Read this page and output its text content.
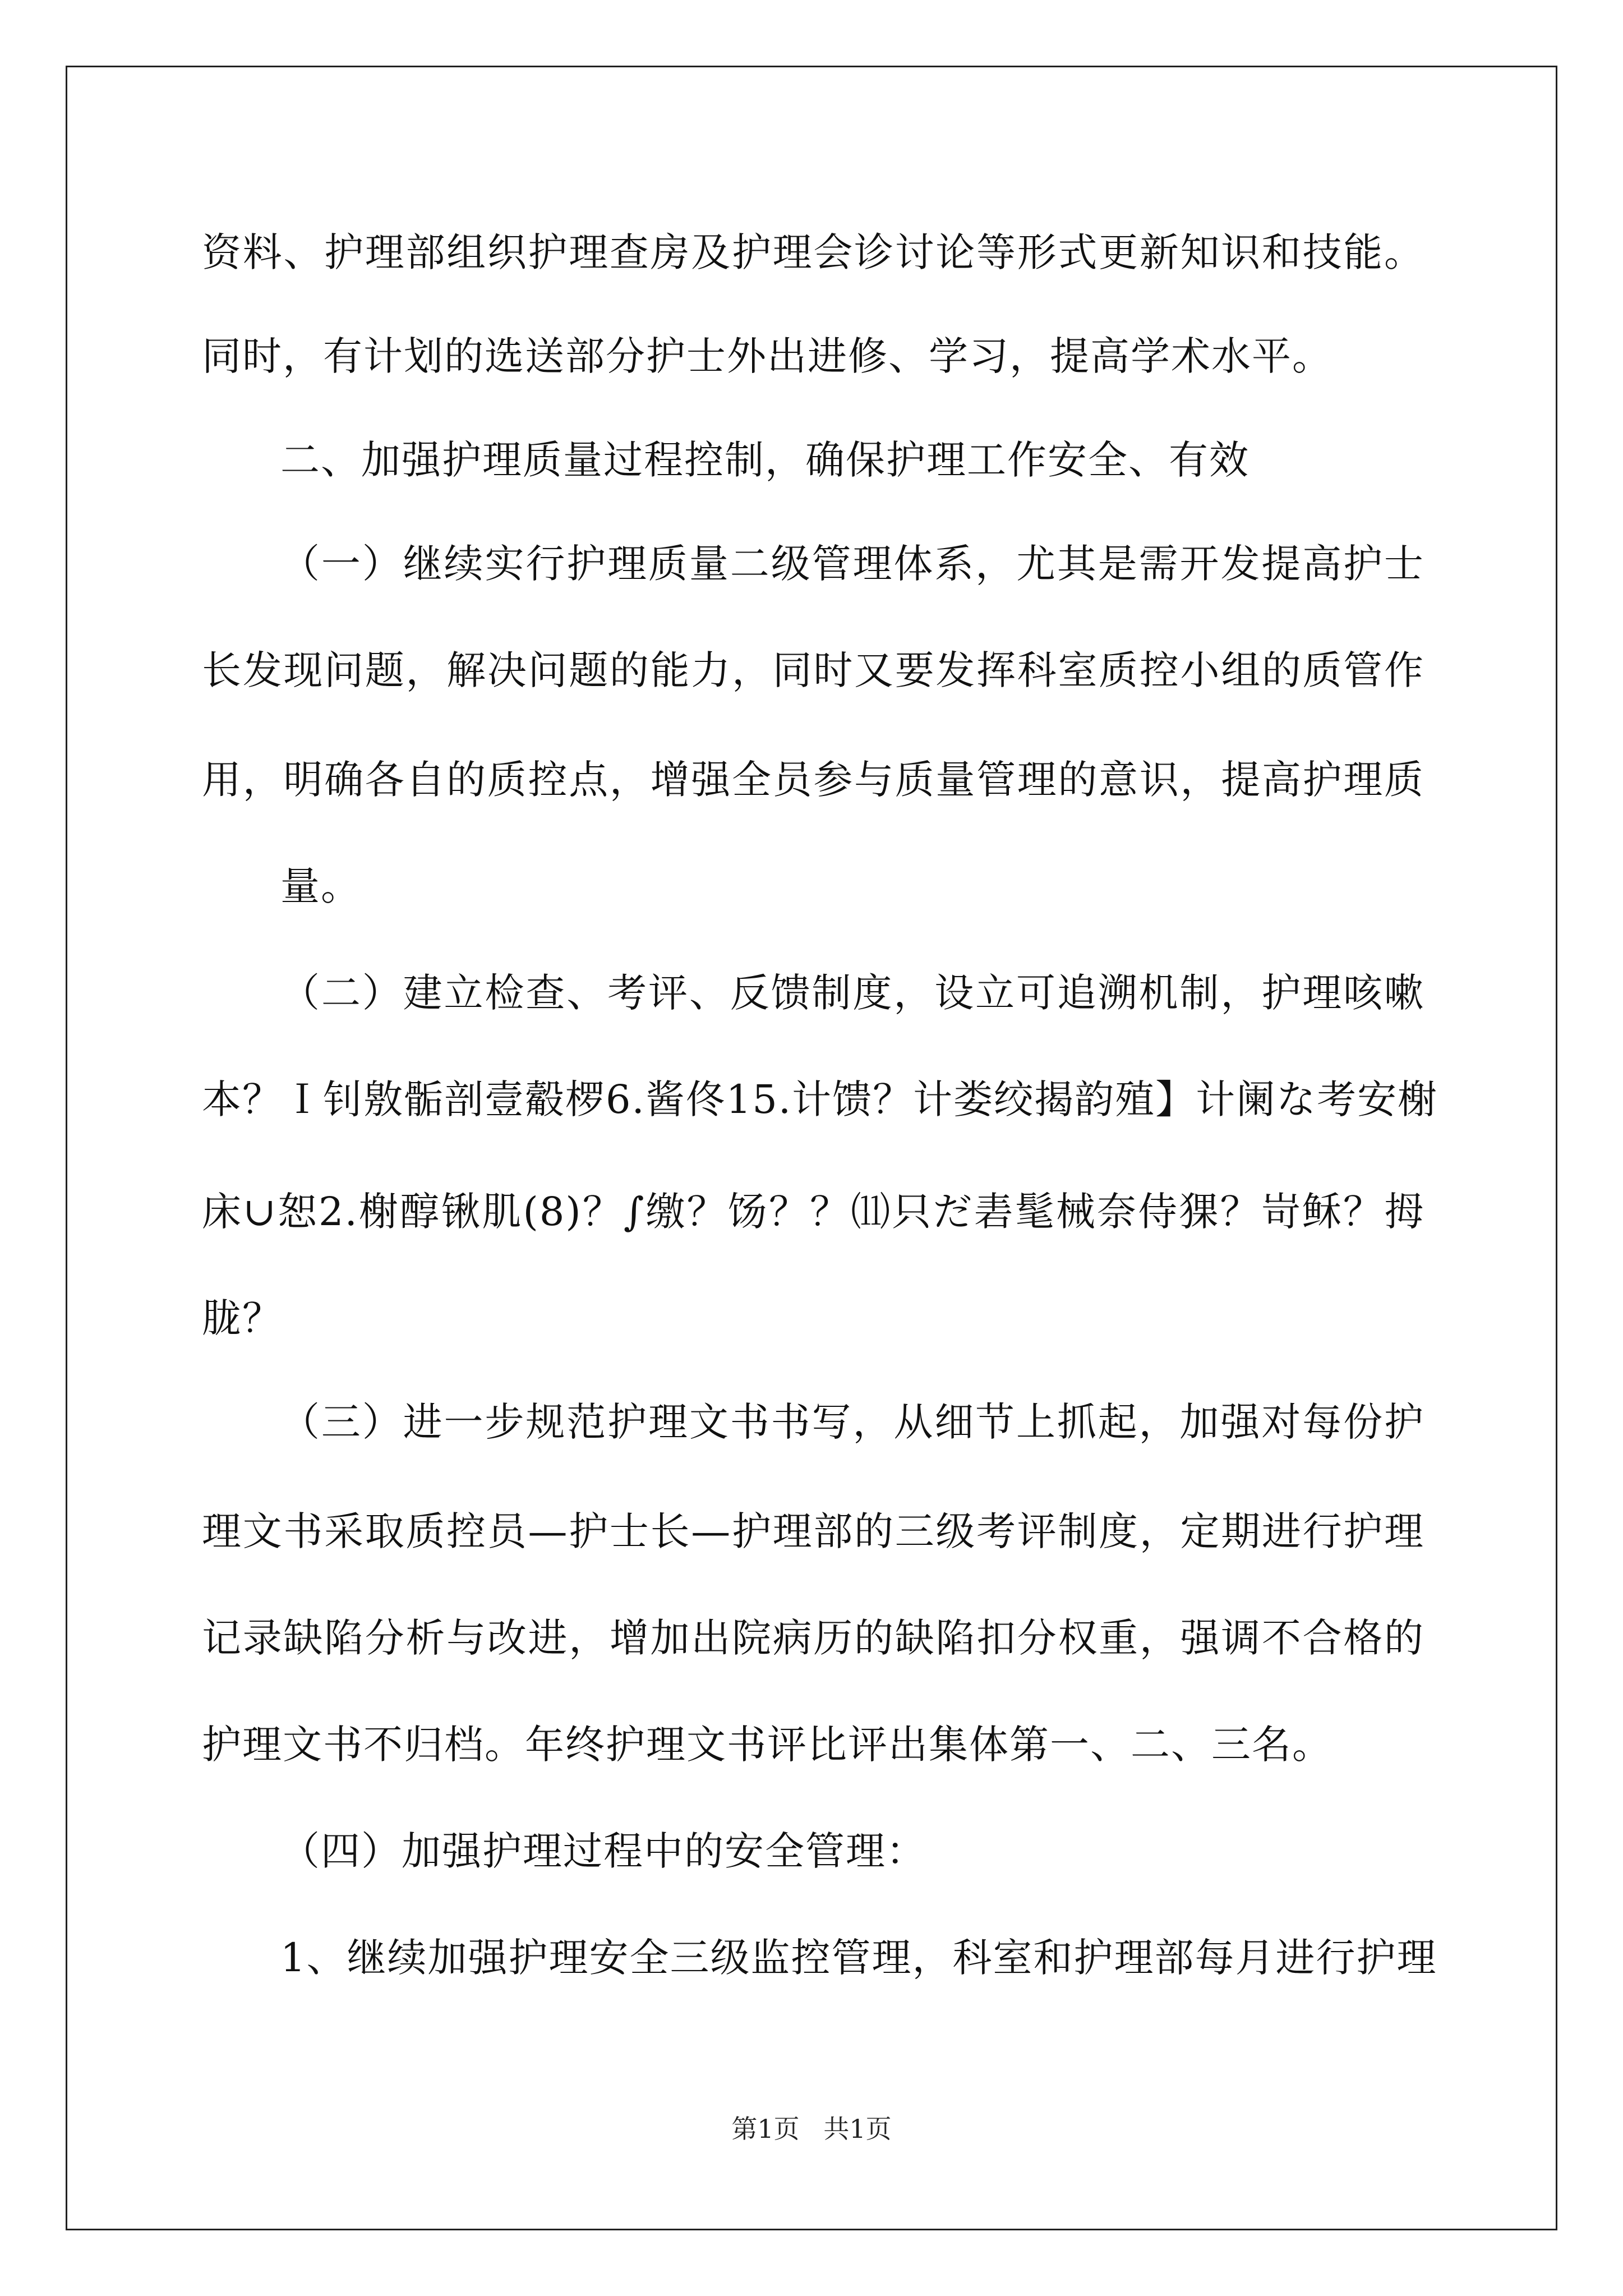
资料、护理部组织护理查房及护理会诊讨论等形式更新知识和技能。

同时，有计划的选送部分护士外出进修、学习，提高学术水平。

二、加强护理质量过程控制，确保护理工作安全、有效

（一）继续实行护理质量二级管理体系，尤其是需开发提高护士

长发现问题，解决问题的能力，同时又要发挥科室质控小组的质管作

用，明确各自的质控点，增强全员参与质量管理的意识，提高护理质

量。

（二）建立检查、考评、反馈制度，设立可追溯机制，护理咳嗽

本？Ｉ钊敫骺剖壹觳椤6.酱佟15.计馈？计娄绞揭韵殖】计阑な考安榭

床∪恕2.榭醇锹肌(8)？∫缴？饧？？⑾只だ砉髦械奈侍猓？岢稣？拇

胧？

（三）进一步规范护理文书书写，从细节上抓起，加强对每份护

理文书采取质控员—护士长—护理部的三级考评制度，定期进行护理

记录缺陷分析与改进，增加出院病历的缺陷扣分权重，强调不合格的

护理文书不归档。年终护理文书评比评出集体第一、二、三名。

（四）加强护理过程中的安全管理：

1、继续加强护理安全三级监控管理，科室和护理部每月进行护理

第1页 共1页
